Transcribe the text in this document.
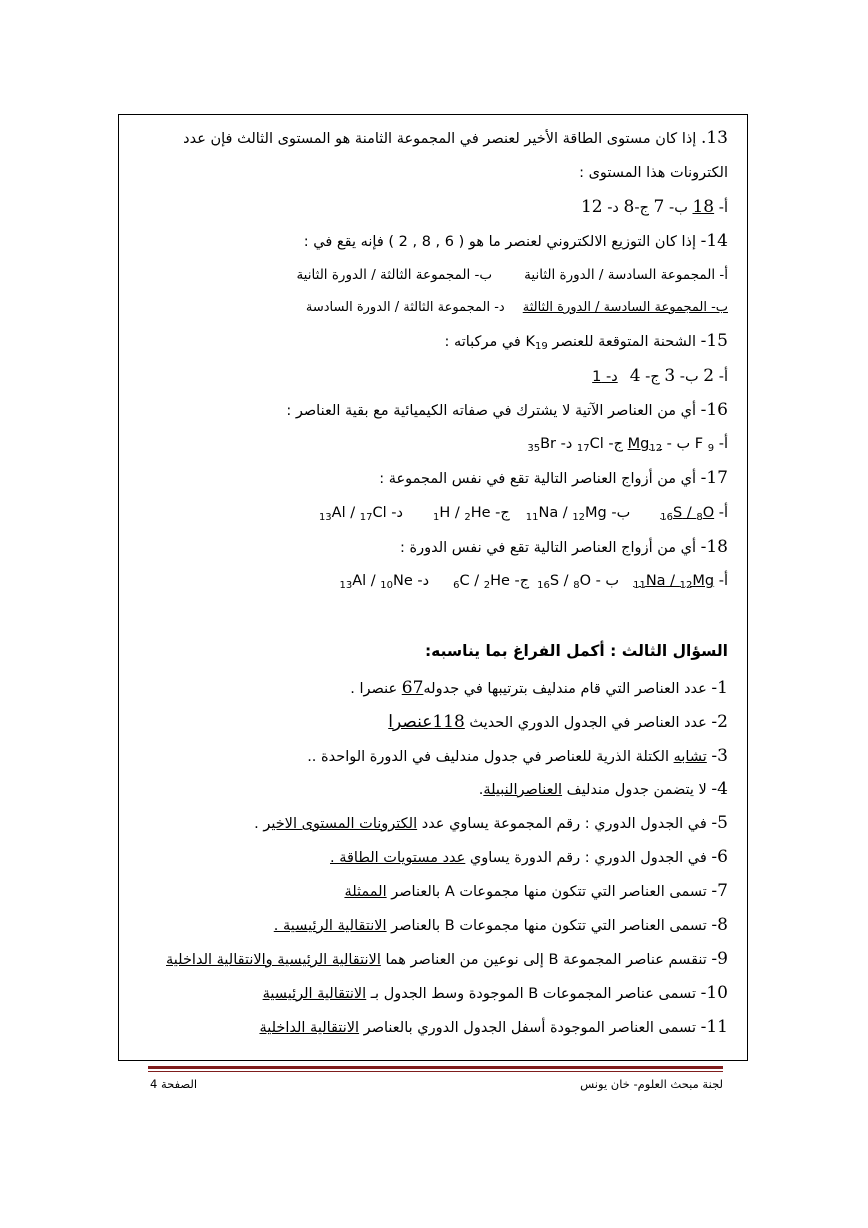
13. إذا كان مستوى الطاقة الأخير لعنصر في المجموعة الثامنة هو المستوى الثالث فإن عدد
الكترونات هذا المستوى :
أ- 18 ب- 7 ج-8 د- 12
14- إذا كان التوزيع الالكتروني لعنصر ما هو ( 6 , 8 , 2 ) فإنه يقع في :
أ- المجموعة السادسة / الدورة الثانيةب- المجموعة الثالثة / الدورة الثانية
ب- المجموعة السادسة / الدورة الثالثةد- المجموعة الثالثة / الدورة السادسة
15- الشحنة المتوقعة للعنصر $K_{19}$ في مركباته :
أ- 2 ب- 3 ج- 4د- 1
16- أي من العناصر الآتية لا يشترك في صفاته الكيميائية مع بقية العناصر :
أ- F $_9$ ب - $Mg_{12}$ ج- $_{17}$Cl د- $_{35}$Br
17- أي من أزواج العناصر التالية تقع في نفس المجموعة :
أ- $_{16}$S / $_8$Oب- $_{11}$Na / $_{12}$Mgج- $_1$H / $_2$Heد- $_{13}$Al / $_{17}$Cl
18- أي من أزواج العناصر التالية تقع في نفس الدورة :
أ- $_{11}$Na / $_{12}$Mgب - $_{16}$S / $_8$Oج- $_6$C / $_2$Heد- $_{13}$Al / $_{10}$Ne
السؤال الثالث : أكمل الفراغ بما يناسبه:
1- عدد العناصر التي قام مندليف بترتيبها في جدوله67 عنصرا .
2- عدد العناصر في الجدول الدوري الحديث 118عنصرا
3- تشابه الكتلة الذرية للعناصر في جدول مندليف في الدورة الواحدة ..
4- لا يتضمن جدول مندليف العناصرالنبيلة.
5- في الجدول الدوري : رقم المجموعة يساوي عدد الكترونات المستوى الاخير .
6- في الجدول الدوري : رقم الدورة يساوي عدد مستويات الطاقة .
7- تسمى العناصر التي تتكون منها مجموعات A بالعناصر الممثلة
8- تسمى العناصر التي تتكون منها مجموعات B بالعناصر الانتقالية الرئيسية .
9- تنقسم عناصر المجموعة B إلى نوعين من العناصر هما الانتقالية الرئيسية والانتقالية الداخلية
10- تسمى عناصر المجموعات B الموجودة وسط الجدول بـ الانتقالية الرئيسية
11- تسمى العناصر الموجودة أسفل الجدول الدوري بالعناصر الانتقالية الداخلية
لجنة مبحث العلوم- خان يونس
الصفحة 4
